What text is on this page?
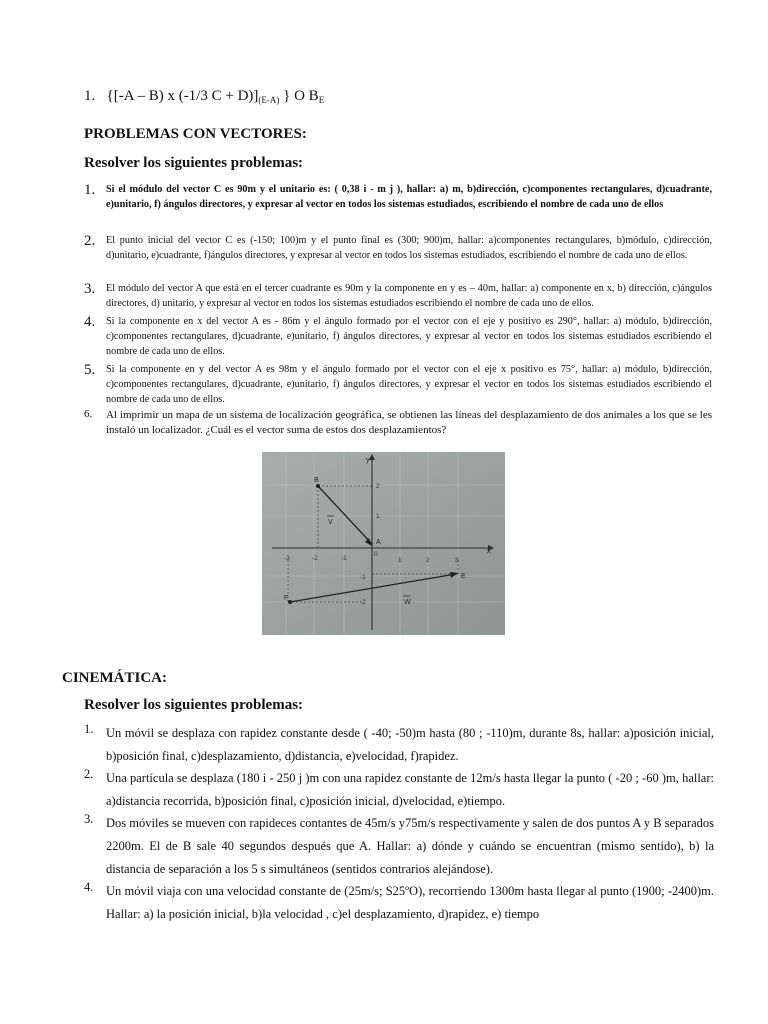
1. {[-A – B) x (-1/3 $C + D)]_{(E-A)}$ } O $B_E$
PROBLEMAS CON VECTORES:
Resolver los siguientes problemas:
1.	Si el módulo del vector C es 90m y el unitario es: ( 0,38 i - m j ), hallar: a) m, b)dirección, c)componentes rectangulares, d)cuadrante, e)unitario, f) ángulos directores, y expresar al vector en todos los sistemas estudiados, escribiendo el nombre de cada uno de ellos
2.	El punto inicial del vector C es (-150; 100)m y el punto final es (300; 900)m, hallar: a)componentes rectangulares, b)módulo, c)dirección, d)unitario, e)cuadrante, f)ángulos directores, y expresar al vector en todos los sistemas estudiados, escribiendo el nombre de cada uno de ellos.
3.	El módulo del vector A que está en el tercer cuadrante es 90m y la componente en y es – 40m, hallar: a) componente en x, b) dirección, c)ángulos directores, d) unitario, y expresar al vector en todos los sistemas estudiados escribiendo el nombre de cada uno de ellos.
4.	Si la componente en x del vector A es - 86m y el ángulo formado por el vector con el eje y positivo es 290°, hallar: a) módulo, b)dirección, c)componentes rectangulares, d)cuadrante, e)unitario, f) ángulos directores, y expresar al vector en todos los sistemas estudiados escribiendo el nombre de cada uno de ellos.
5.	Si la componente en y del vector A es 98m y el ángulo formado por el vector con el eje x positivo es 75°, hallar: a) módulo, b)dirección, c)componentes rectangulares, d)cuadrante, e)unitario, f) ángulos directores, y expresar el vector en todos los sistemas estudiados escribiendo el nombre de cada uno de ellos.
6.	Al imprimir un mapa de un sistema de localización geográfica, se obtienen las líneas del desplazamiento de dos animales a los que se les instaló un localizador. ¿Cuál es el vector suma de estos dos desplazamientos?
x
y
-3	-2	-1	1	2	3
2
1
-1
-2
0
B
A
E
F
V
W
CINEMÁTICA:
Resolver los siguientes problemas:
1. Un móvil se desplaza con rapidez constante desde ( -40; -50)m hasta (80 ; -110)m, durante 8s, hallar: a)posición inicial, b)posición final, c)desplazamiento, d)distancia, e)velocidad, f)rapidez.
2. Una partícula se desplaza (180 i - 250 j )m con una rapidez constante de 12m/s hasta llegar la punto ( -20 ; -60 )m, hallar: a)distancia recorrida, b)posición final, c)posición inicial, d)velocidad, e)tiempo.
3. Dos móviles se mueven con rapideces contantes de 45m/s y75m/s respectivamente y salen de dos puntos A y B separados 2200m. El de B sale 40 segundos después que A. Hallar: a) dónde y cuándo se encuentran (mismo sentido), b) la distancia de separación a los 5 s simultáneos (sentidos contrarios alejándose).
4. Un móvil viaja con una velocidad constante de (25m/s; S25ºO), recorriendo 1300m hasta llegar al punto (1900; -2400)m. Hallar: a) la posición inicial, b)la velocidad , c)el desplazamiento, d)rapidez, e) tiempo
